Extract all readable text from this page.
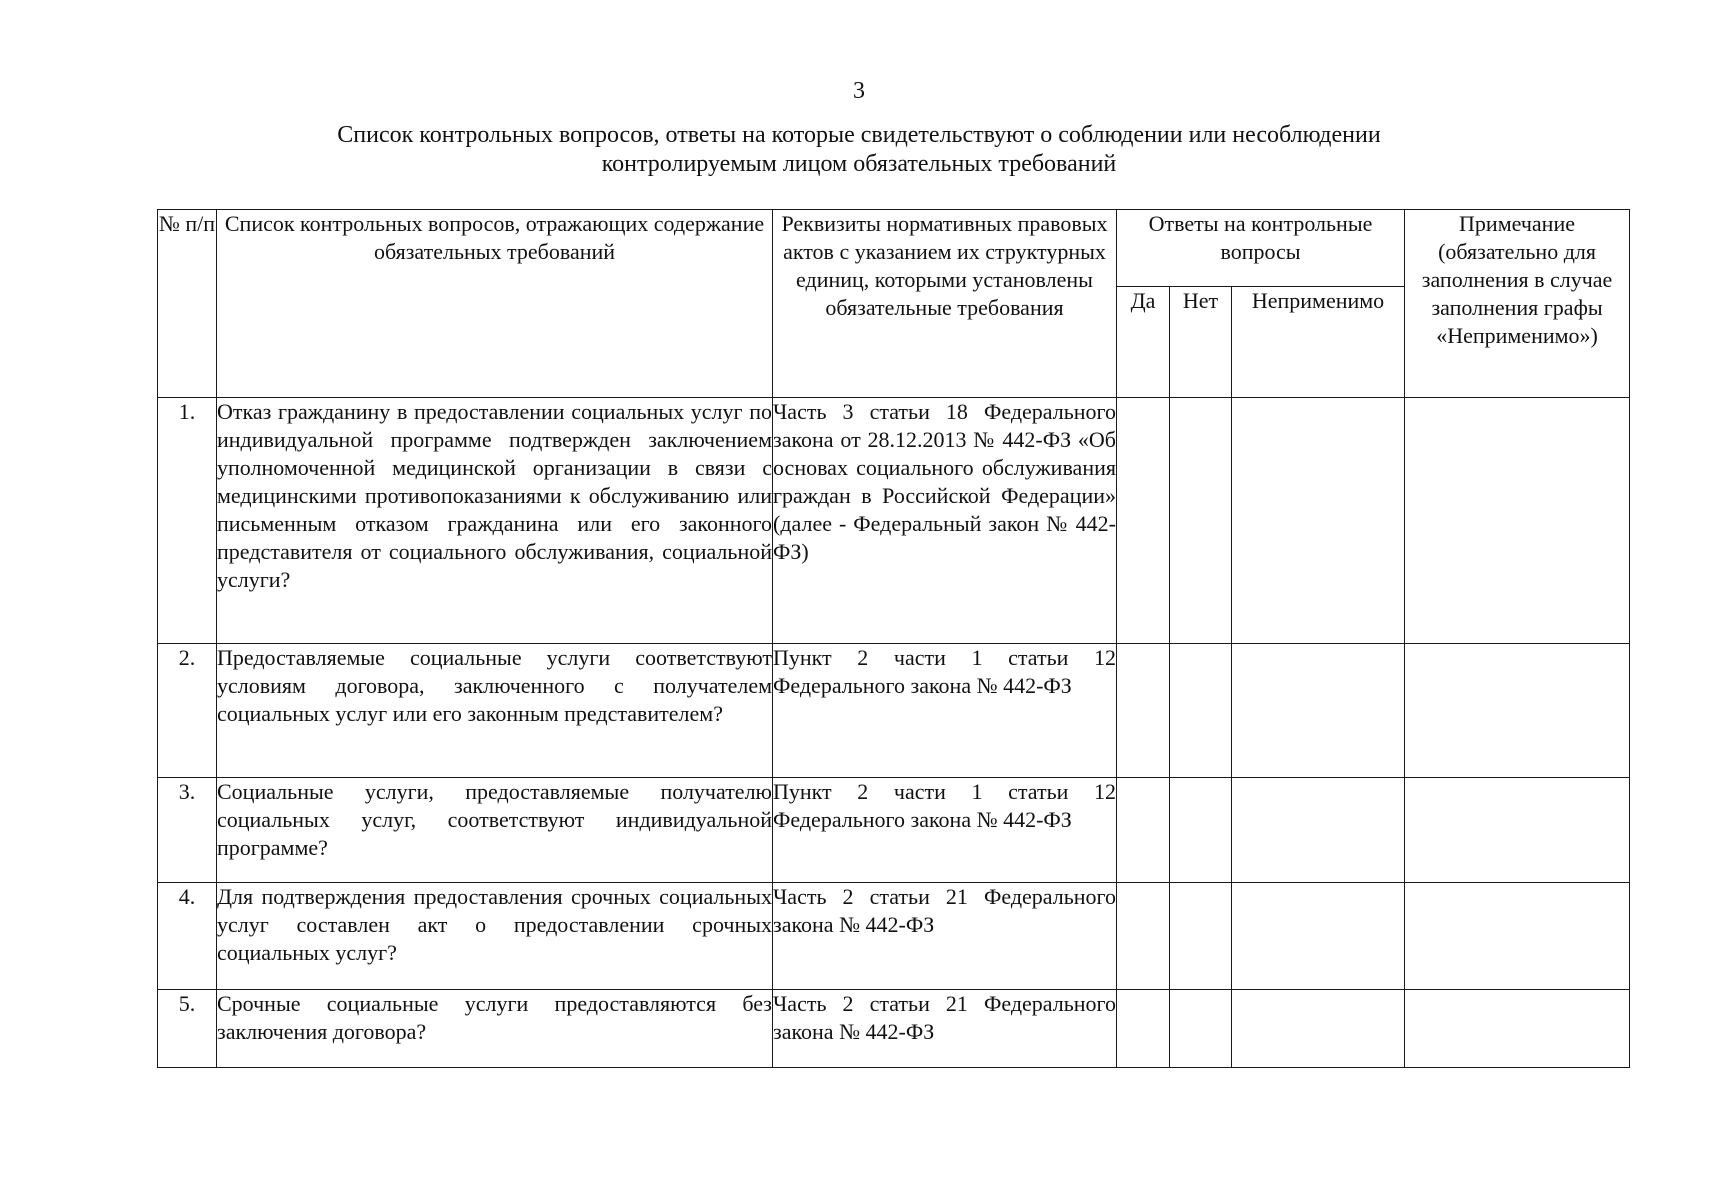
3
Список контрольных вопросов, ответы на которые свидетельствуют о соблюдении или несоблюдении
контролируемым лицом обязательных требований
№ п/п	Список контрольных вопросов, отражающих содержание обязательных требований	Реквизиты нормативных правовых актов с указанием их структурных единиц, которыми установлены обязательные требования	Ответы на контрольные вопросы			Примечание (обязательно для заполнения в случае заполнения графы «Неприменимо»)
			Да	Нет	Неприменимо	
1.	Отказ гражданину в предоставлении социальных услуг по индивидуальной программе подтвержден заключением уполномоченной медицинской организации в связи с медицинскими противопоказаниями к обслуживанию или письменным отказом гражданина или его законного представителя от социального обслуживания, социальной услуги?	Часть 3 статьи 18 Федерального закона от 28.12.2013 № 442-ФЗ «Об основах социального обслуживания граждан в Российской Федерации» (далее - Федеральный закон № 442-ФЗ)				
2.	Предоставляемые социальные услуги соответствуют условиям договора, заключенного с получателем социальных услуг или его законным представителем?	Пункт 2 части 1 статьи 12 Федерального закона № 442-ФЗ				
3.	Социальные услуги, предоставляемые получателю социальных услуг, соответствуют индивидуальной программе?	Пункт 2 части 1 статьи 12 Федерального закона № 442-ФЗ				
4.	Для подтверждения предоставления срочных социальных услуг составлен акт о предоставлении срочных социальных услуг?	Часть 2 статьи 21 Федерального закона № 442-ФЗ				
5.	Срочные социальные услуги предоставляются без заключения договора?	Часть 2 статьи 21 Федерального закона № 442-ФЗ				
